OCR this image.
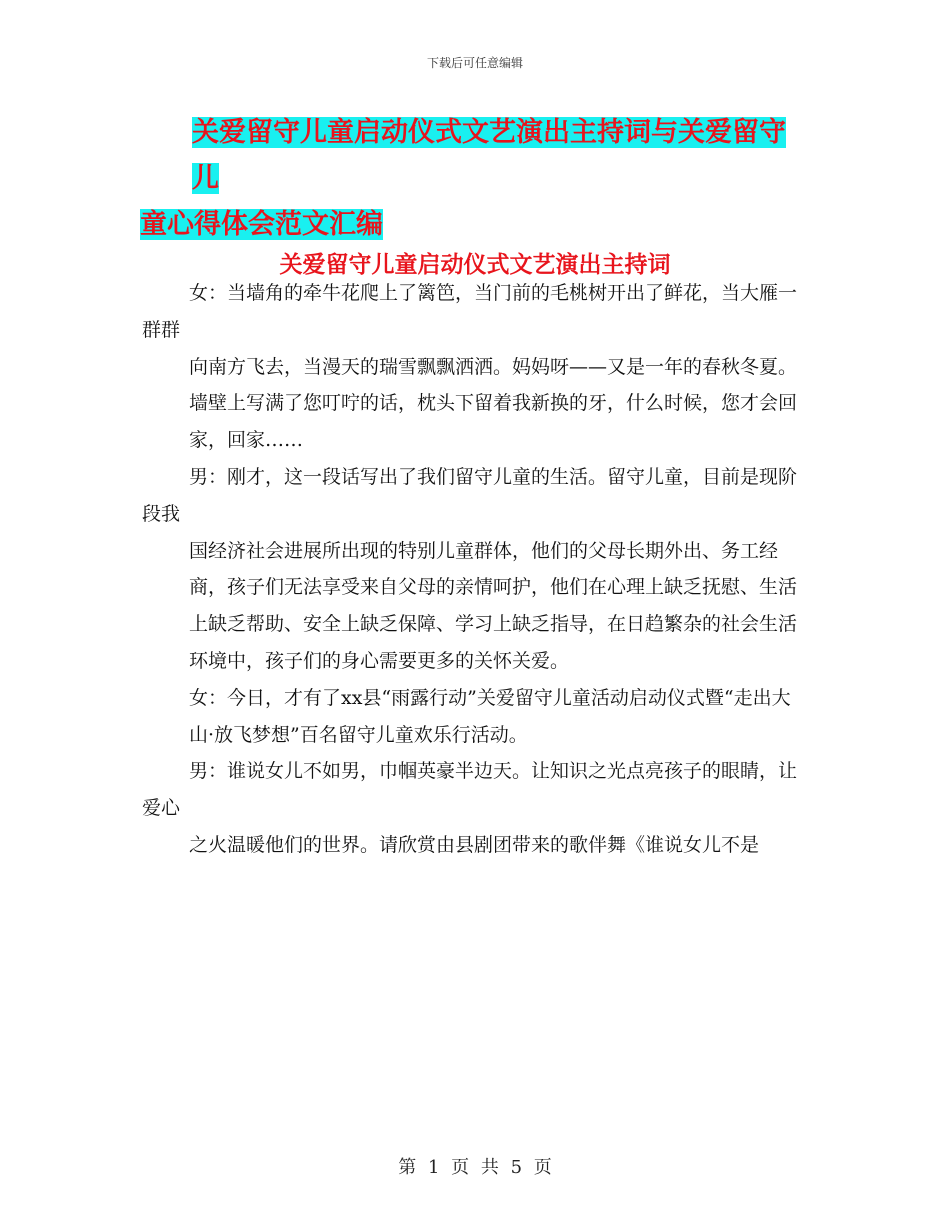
下载后可任意编辑
关爱留守儿童启动仪式文艺演出主持词与关爱留守儿
童心得体会范文汇编
关爱留守儿童启动仪式文艺演出主持词

女：当墙角的牵牛花爬上了篱笆，当门前的毛桃树开出了鲜花，当大雁一群群

向南方飞去，当漫天的瑞雪飘飘洒洒。妈妈呀——又是一年的春秋冬夏。

墙壁上写满了您叮咛的话，枕头下留着我新换的牙，什么时候，您才会回

家，回家……

男：刚才，这一段话写出了我们留守儿童的生活。留守儿童，目前是现阶段我

国经济社会进展所出现的特别儿童群体，他们的父母长期外出、务工经

商，孩子们无法享受来自父母的亲情呵护，他们在心理上缺乏抚慰、生活

上缺乏帮助、安全上缺乏保障、学习上缺乏指导，在日趋繁杂的社会生活

环境中，孩子们的身心需要更多的关怀关爱。

女：今日，才有了xx县“雨露行动”关爱留守儿童活动启动仪式暨“走出大

山·放飞梦想”百名留守儿童欢乐行活动。

男：谁说女儿不如男，巾帼英豪半边天。让知识之光点亮孩子的眼睛，让爱心

之火温暖他们的世界。请欣赏由县剧团带来的歌伴舞《谁说女儿不是

第 1 页 共 5 页
